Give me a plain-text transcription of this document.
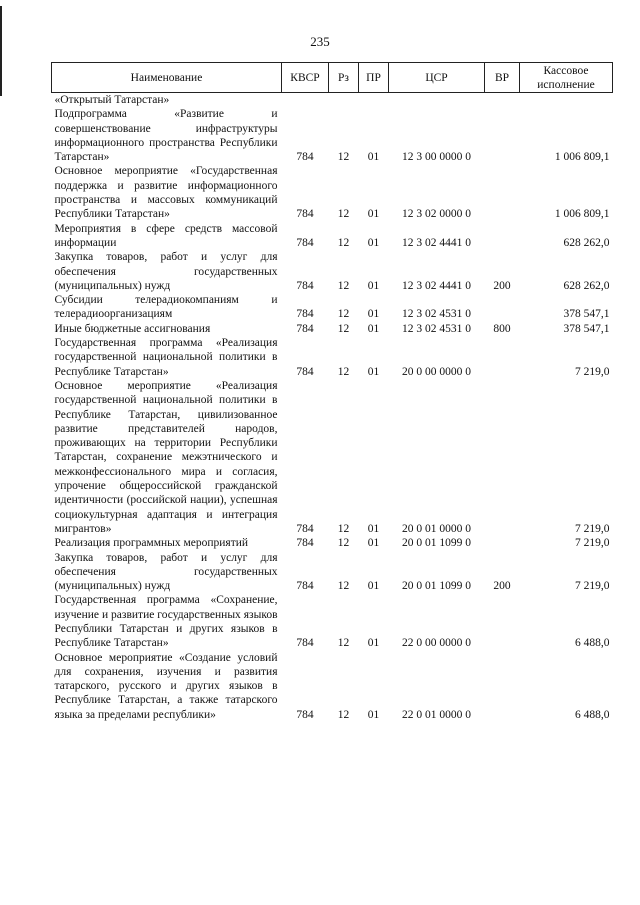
235
Наименование	КВСР	Рз	ПР	ЦСР	ВР	Кассовое исполнение
«Открытый Татарстан»						
Подпрограмма «Развитие и совершенствование инфраструктуры информационного пространства Республики Татарстан»	784	12	01	12 3 00 0000 0		1 006 809,1
Основное мероприятие «Государственная поддержка и развитие информационного пространства и массовых коммуникаций Республики Татарстан»	784	12	01	12 3 02 0000 0		1 006 809,1
Мероприятия в сфере средств массовой информации	784	12	01	12 3 02 4441 0		628 262,0
Закупка товаров, работ и услуг для обеспечения государственных (муниципальных) нужд	784	12	01	12 3 02 4441 0	200	628 262,0
Субсидии телерадиокомпаниям и телерадиоорганизациям	784	12	01	12 3 02 4531 0		378 547,1
Иные бюджетные ассигнования	784	12	01	12 3 02 4531 0	800	378 547,1
Государственная программа «Реализация государственной национальной политики в Республике Татарстан»	784	12	01	20 0 00 0000 0		7 219,0
Основное мероприятие «Реализация государственной национальной политики в Республике Татарстан, цивилизованное развитие представителей народов, проживающих на территории Республики Татарстан, сохранение межэтнического и межконфессионального мира и согласия, упрочение общероссийской гражданской идентичности (российской нации), успешная социокультурная адаптация и интеграция мигрантов»	784	12	01	20 0 01 0000 0		7 219,0
Реализация программных мероприятий	784	12	01	20 0 01 1099 0		7 219,0
Закупка товаров, работ и услуг для обеспечения государственных (муниципальных) нужд	784	12	01	20 0 01 1099 0	200	7 219,0
Государственная программа «Сохранение, изучение и развитие государственных языков Республики Татарстан и других языков в Республике Татарстан»	784	12	01	22 0 00 0000 0		6 488,0
Основное мероприятие «Создание условий для сохранения, изучения и развития татарского, русского и других языков в Республике Татарстан, а также татарского языка за пределами республики»	784	12	01	22 0 01 0000 0		6 488,0
